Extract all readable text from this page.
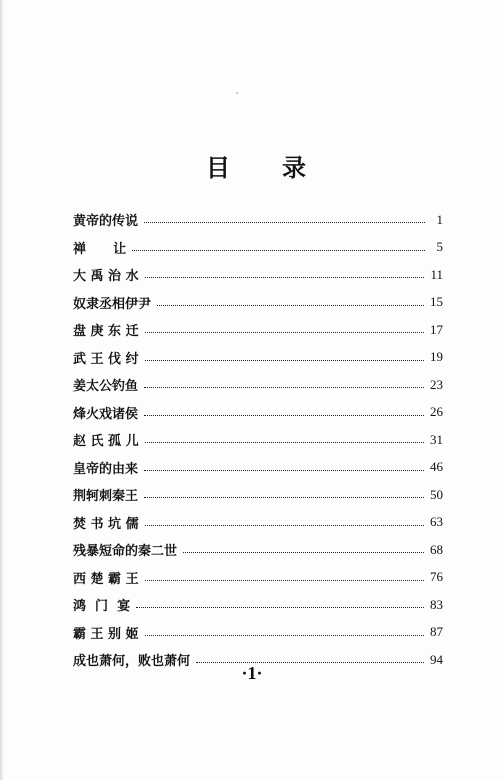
目 录
黄帝的传说	1
禅      让	5
大 禹 治 水	11
奴隶丞相伊尹	15
盘 庚 东 迁	17
武 王 伐 纣	19
姜太公钓鱼	23
烽火戏诸侯	26
赵 氏 孤 儿	31
皇帝的由来	46
荆轲刺秦王	50
焚 书 坑 儒	63
残暴短命的秦二世	68
西 楚 霸 王	76
鸿  门  宴	83
霸 王 别 姬	87
成也萧何，败也萧何	94
·1·
